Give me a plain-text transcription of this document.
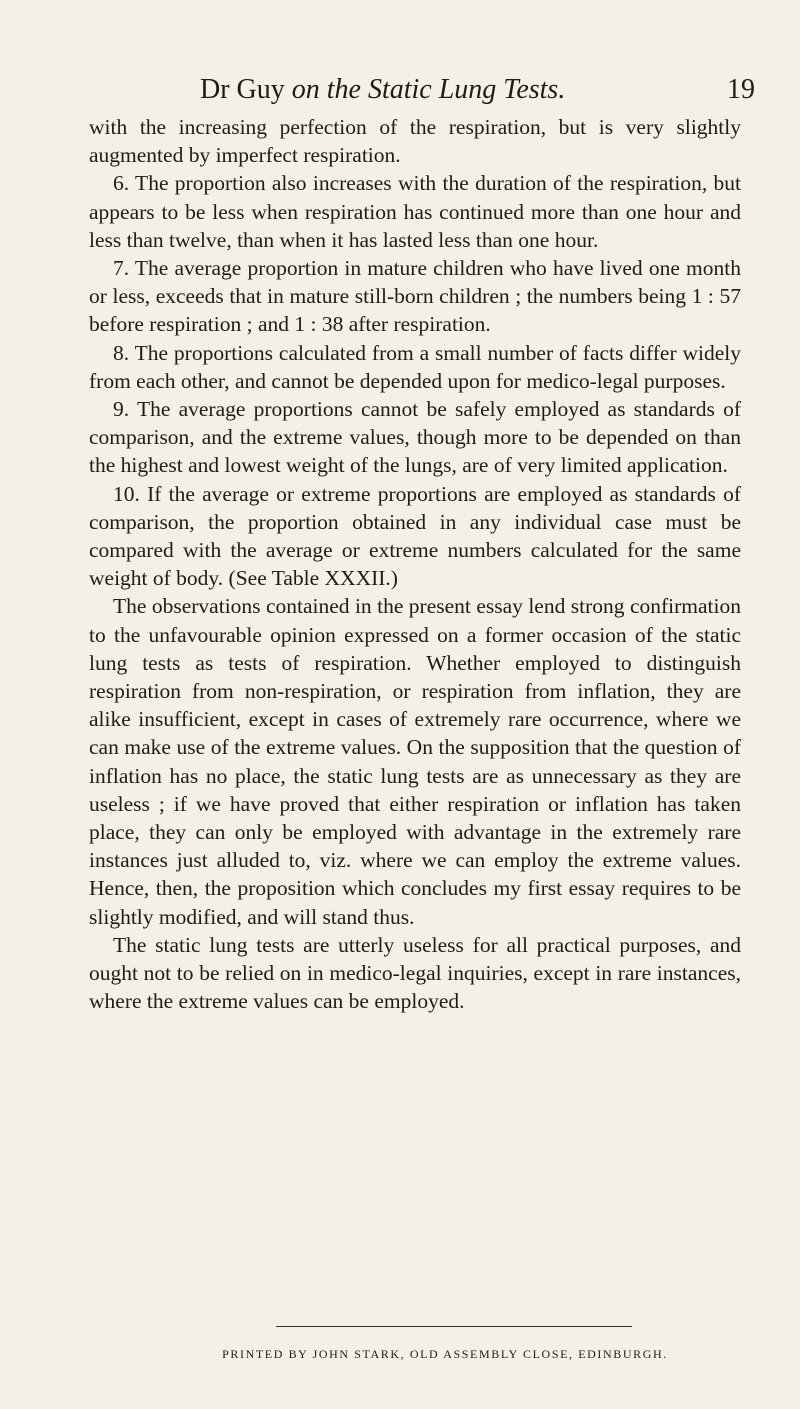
Dr Guy on the Static Lung Tests.	19

with the increasing perfection of the respiration, but is very slightly augmented by imperfect respiration.

6. The proportion also increases with the duration of the respiration, but appears to be less when respiration has continued more than one hour and less than twelve, than when it has lasted less than one hour.

7. The average proportion in mature children who have lived one month or less, exceeds that in mature still-born children ; the numbers being 1 : 57 before respiration ; and 1 : 38 after respiration.

8. The proportions calculated from a small number of facts differ widely from each other, and cannot be depended upon for medico-legal purposes.

9. The average proportions cannot be safely employed as standards of comparison, and the extreme values, though more to be depended on than the highest and lowest weight of the lungs, are of very limited application.

10. If the average or extreme proportions are employed as standards of comparison, the proportion obtained in any individual case must be compared with the average or extreme numbers calculated for the same weight of body. (See Table XXXII.)

The observations contained in the present essay lend strong confirmation to the unfavourable opinion expressed on a former occasion of the static lung tests as tests of respiration. Whether employed to distinguish respiration from non-respiration, or respiration from inflation, they are alike insufficient, except in cases of extremely rare occurrence, where we can make use of the extreme values. On the supposition that the question of inflation has no place, the static lung tests are as unnecessary as they are useless ; if we have proved that either respiration or inflation has taken place, they can only be employed with advantage in the extremely rare instances just alluded to, viz. where we can employ the extreme values. Hence, then, the proposition which concludes my first essay requires to be slightly modified, and will stand thus.

The static lung tests are utterly useless for all practical purposes, and ought not to be relied on in medico-legal inquiries, except in rare instances, where the extreme values can be employed.

PRINTED BY JOHN STARK, OLD ASSEMBLY CLOSE, EDINBURGH.
